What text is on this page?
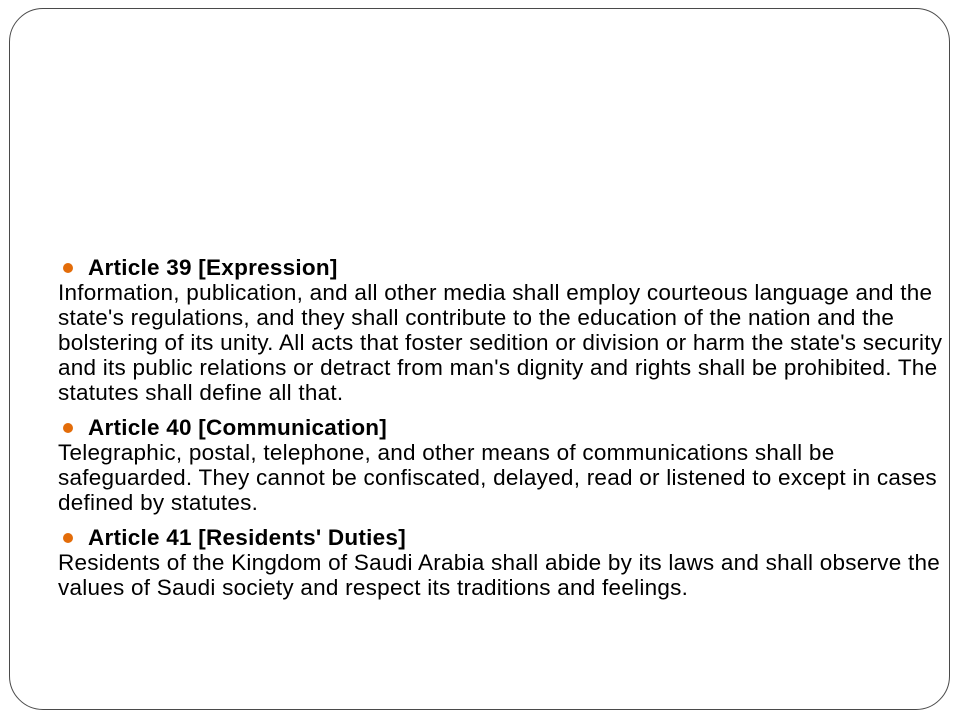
Article 39 [Expression]
Information, publication, and all other media shall employ courteous language and the state's regulations, and they shall contribute to the education of the nation and the bolstering of its unity. All acts that foster sedition or division or harm the state's security and its public relations or detract from man's dignity and rights shall be prohibited. The statutes shall define all that.
Article 40 [Communication]
Telegraphic, postal, telephone, and other means of communications shall be safeguarded. They cannot be confiscated, delayed, read or listened to except in cases defined by statutes.
Article 41 [Residents' Duties]
Residents of the Kingdom of Saudi Arabia shall abide by its laws and shall observe the values of Saudi society and respect its traditions and feelings.
